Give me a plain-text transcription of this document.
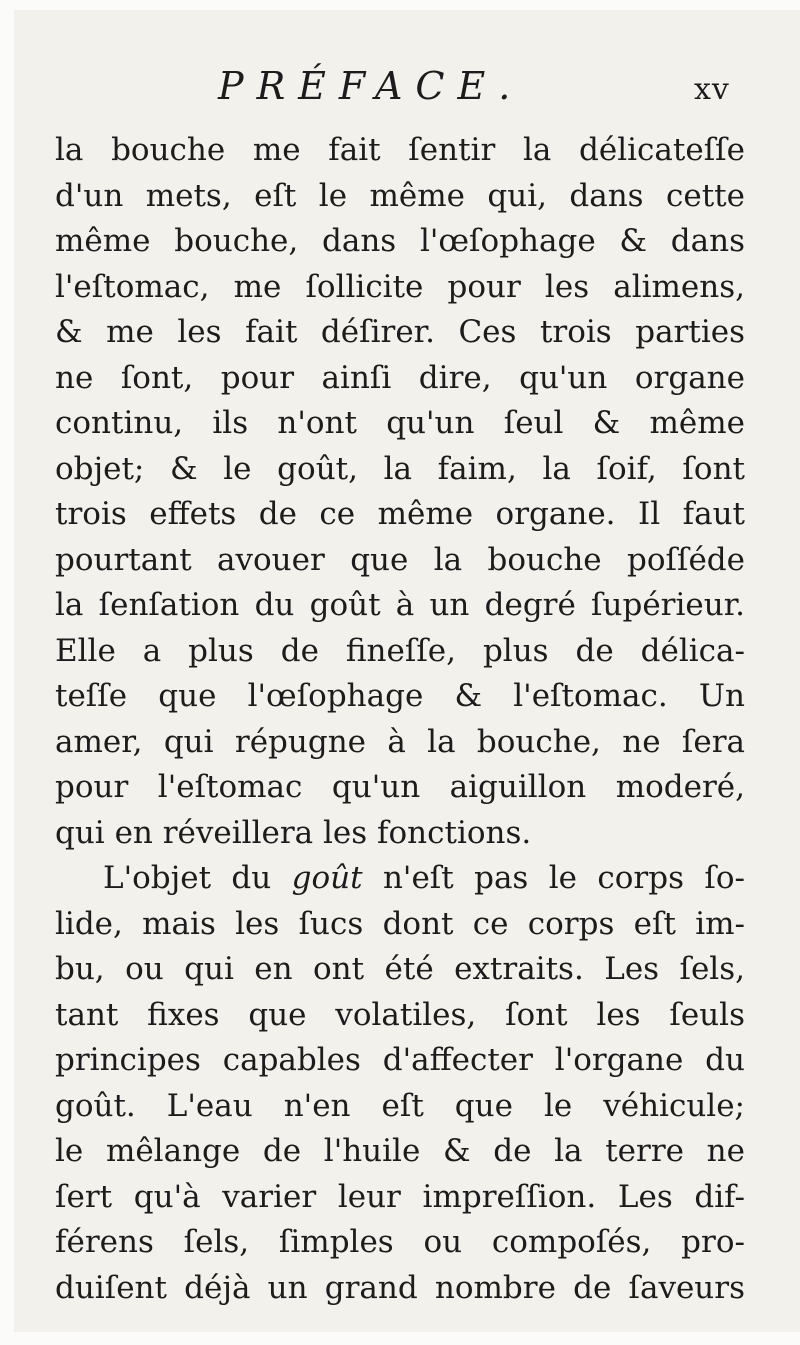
PRÉFACE.	xv
la bouche me fait ſentir la délicateſſe
d'un mets, eſt le même qui, dans cette
même bouche, dans l'œſophage & dans
l'eſtomac, me ſollicite pour les alimens,
& me les fait déſirer. Ces trois parties
ne ſont, pour ainſi dire, qu'un organe
continu, ils n'ont qu'un ſeul & même
objet; & le goût, la faim, la ſoif, ſont
trois effets de ce même organe. Il faut
pourtant avouer que la bouche poſſéde
la ſenſation du goût à un degré ſupérieur.
Elle a plus de fineſſe, plus de délica-
teſſe que l'œſophage & l'eſtomac. Un
amer, qui répugne à la bouche, ne ſera
pour l'eſtomac qu'un aiguillon moderé,
qui en réveillera les fonctions.
L'objet du goût n'eſt pas le corps ſo-
lide, mais les ſucs dont ce corps eſt im-
bu, ou qui en ont été extraits. Les ſels,
tant fixes que volatiles, ſont les ſeuls
principes capables d'affecter l'organe du
goût. L'eau n'en eſt que le véhicule;
le mêlange de l'huile & de la terre ne
ſert qu'à varier leur impreſſion. Les dif-
férens ſels, ſimples ou compoſés, pro-
duiſent déjà un grand nombre de ſaveurs
